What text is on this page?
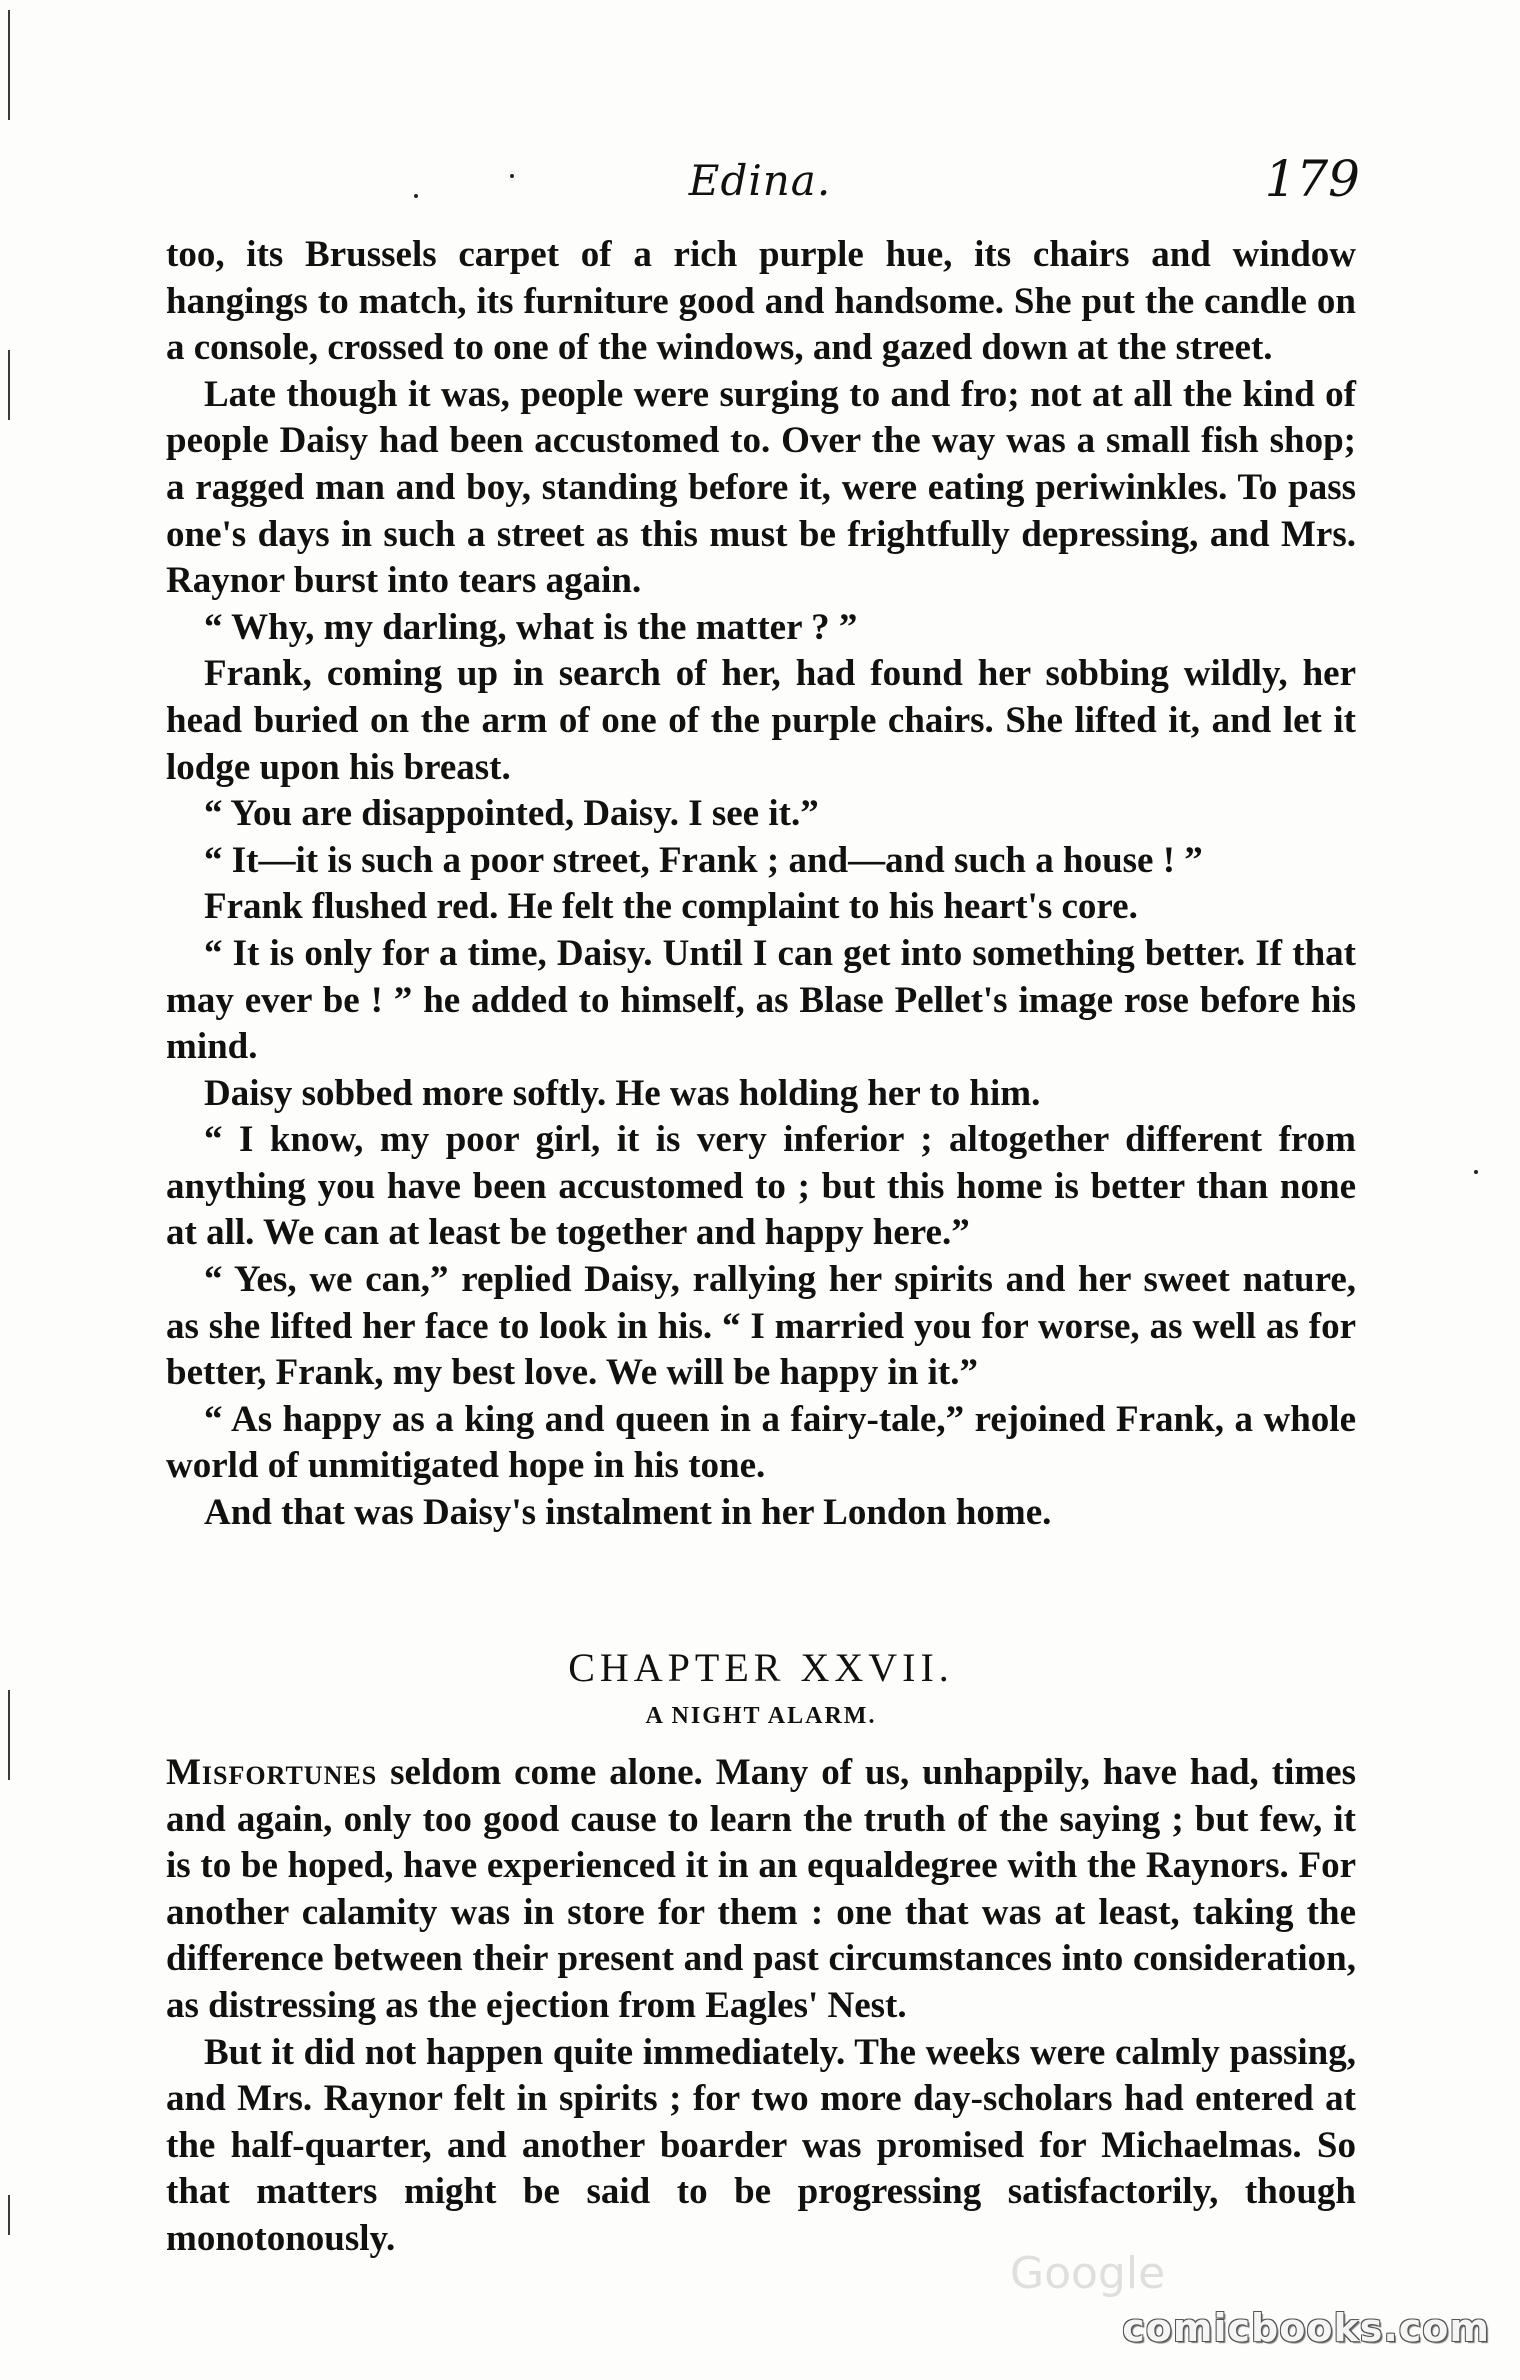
Edina.	179

too, its Brussels carpet of a rich purple hue, its chairs and window hangings to match, its furniture good and handsome. She put the candle on a console, crossed to one of the windows, and gazed down at the street.

Late though it was, people were surging to and fro; not at all the kind of people Daisy had been accustomed to. Over the way was a small fish shop; a ragged man and boy, standing before it, were eating periwinkles. To pass one's days in such a street as this must be frightfully depressing, and Mrs. Raynor burst into tears again.

“ Why, my darling, what is the matter ? ”

Frank, coming up in search of her, had found her sobbing wildly, her head buried on the arm of one of the purple chairs. She lifted it, and let it lodge upon his breast.

“ You are disappointed, Daisy. I see it.”

“ It—it is such a poor street, Frank ; and—and such a house ! ”

Frank flushed red. He felt the complaint to his heart's core.

“ It is only for a time, Daisy. Until I can get into something better. If that may ever be ! ” he added to himself, as Blase Pellet's image rose before his mind.

Daisy sobbed more softly. He was holding her to him.

“ I know, my poor girl, it is very inferior ; altogether different from anything you have been accustomed to ; but this home is better than none at all. We can at least be together and happy here.”

“ Yes, we can,” replied Daisy, rallying her spirits and her sweet nature, as she lifted her face to look in his. “ I married you for worse, as well as for better, Frank, my best love. We will be happy in it.”

“ As happy as a king and queen in a fairy-tale,” rejoined Frank, a whole world of unmitigated hope in his tone.

And that was Daisy's instalment in her London home.

CHAPTER XXVII.
A NIGHT ALARM.

Misfortunes seldom come alone. Many of us, unhappily, have had, times and again, only too good cause to learn the truth of the saying ; but few, it is to be hoped, have experienced it in an equaldegree with the Raynors. For another calamity was in store for them : one that was at least, taking the difference between their present and past circumstances into consideration, as distressing as the ejection from Eagles' Nest.

But it did not happen quite immediately. The weeks were calmly passing, and Mrs. Raynor felt in spirits ; for two more day-scholars had entered at the half-quarter, and another boarder was promised for Michaelmas. So that matters might be said to be progressing satisfactorily, though monotonously.

Google
comicbooks.com
